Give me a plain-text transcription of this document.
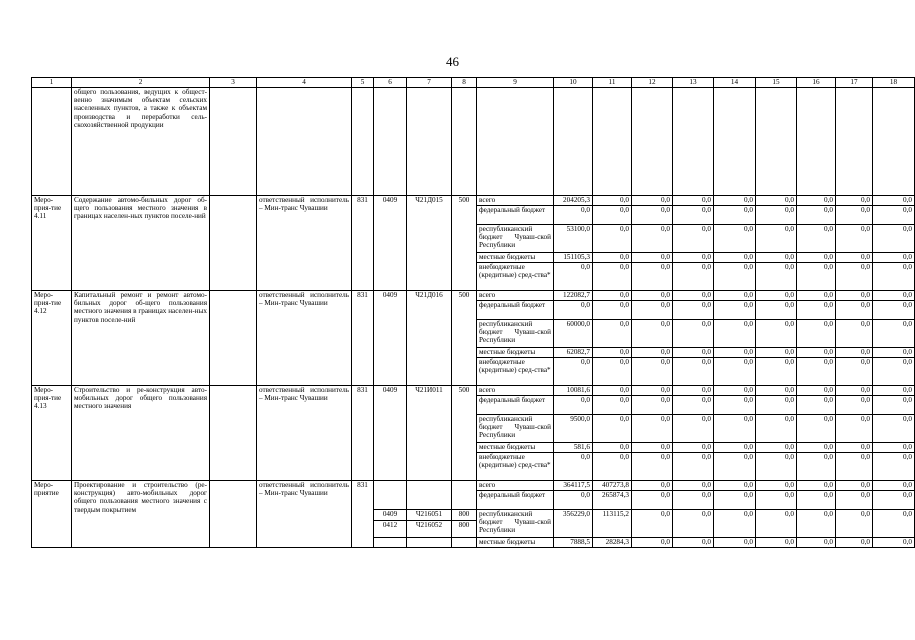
46
1	2	3	4	5	6	7	8	9	10	11	12	13	14	15	16	17	18
	общего пользования, ведущих к общест-венно значимым объектам сельских населенных пунктов, а также к объектам производства и переработки сель-скохозяйственной продукции																
Меро-прия-тие 4.11	Содержание автомо-бильных дорог об-щего пользования местного значения в границах населен-ных пунктов поселе-ний		ответственный исполнитель – Мин-транс Чувашии	831	0409	Ч21Д015	500	всего	204205,3	0,0	0,0	0,0	0,0	0,0	0,0	0,0	0,0
								федеральный бюджет	0,0	0,0	0,0	0,0	0,0	0,0	0,0	0,0	0,0
								республиканский бюджет Чуваш-ской Республики	53100,0	0,0	0,0	0,0	0,0	0,0	0,0	0,0	0,0
								местные бюджеты	151105,3	0,0	0,0	0,0	0,0	0,0	0,0	0,0	0,0
								внебюджетные (кредитные) сред-ства*	0,0	0,0	0,0	0,0	0,0	0,0	0,0	0,0	0,0
Меро-прия-тие 4.12	Капитальный ремонт и ремонт автомо-бильных дорог об-щего пользования местного значения в границах населен-ных пунктов поселе-ний		ответственный исполнитель – Мин-транс Чувашии	831	0409	Ч21Д016	500	всего	122082,7	0,0	0,0	0,0	0,0	0,0	0,0	0,0	0,0
								федеральный бюджет	0,0	0,0	0,0	0,0	0,0	0,0	0,0	0,0	0,0
								республиканский бюджет Чуваш-ской Республики	60000,0	0,0	0,0	0,0	0,0	0,0	0,0	0,0	0,0
								местные бюджеты	62082,7	0,0	0,0	0,0	0,0	0,0	0,0	0,0	0,0
								внебюджетные (кредитные) сред-ства*	0,0	0,0	0,0	0,0	0,0	0,0	0,0	0,0	0,0
Меро-прия-тие 4.13	Строительство и ре-конструкция авто-мобильных дорог общего пользования местного значения		ответственный исполнитель – Мин-транс Чувашии	831	0409	Ч21И011	500	всего	10081,6	0,0	0,0	0,0	0,0	0,0	0,0	0,0	0,0
								федеральный бюджет	0,0	0,0	0,0	0,0	0,0	0,0	0,0	0,0	0,0
								республиканский бюджет Чуваш-ской Республики	9500,0	0,0	0,0	0,0	0,0	0,0	0,0	0,0	0,0
								местные бюджеты	581,6	0,0	0,0	0,0	0,0	0,0	0,0	0,0	0,0
								внебюджетные (кредитные) сред-ства*	0,0	0,0	0,0	0,0	0,0	0,0	0,0	0,0	0,0
Меро-приятие	Проектирование и строительство (ре-конструкция) авто-мобильных дорог общего пользования местного значения с твердым покрытием		ответственный исполнитель – Мин-транс Чувашии	831				всего	364117,5	407273,8	0,0	0,0	0,0	0,0	0,0	0,0	0,0
								федеральный бюджет	0,0	265874,3	0,0	0,0	0,0	0,0	0,0	0,0	0,0
					0409	Ч216051	800	республиканский бюджет Чуваш-ской Республики	356229,0	113115,2	0,0	0,0	0,0	0,0	0,0	0,0	0,0
					0412	Ч216052	800										
								местные бюджеты	7888,5	28284,3	0,0	0,0	0,0	0,0	0,0	0,0	0,0
